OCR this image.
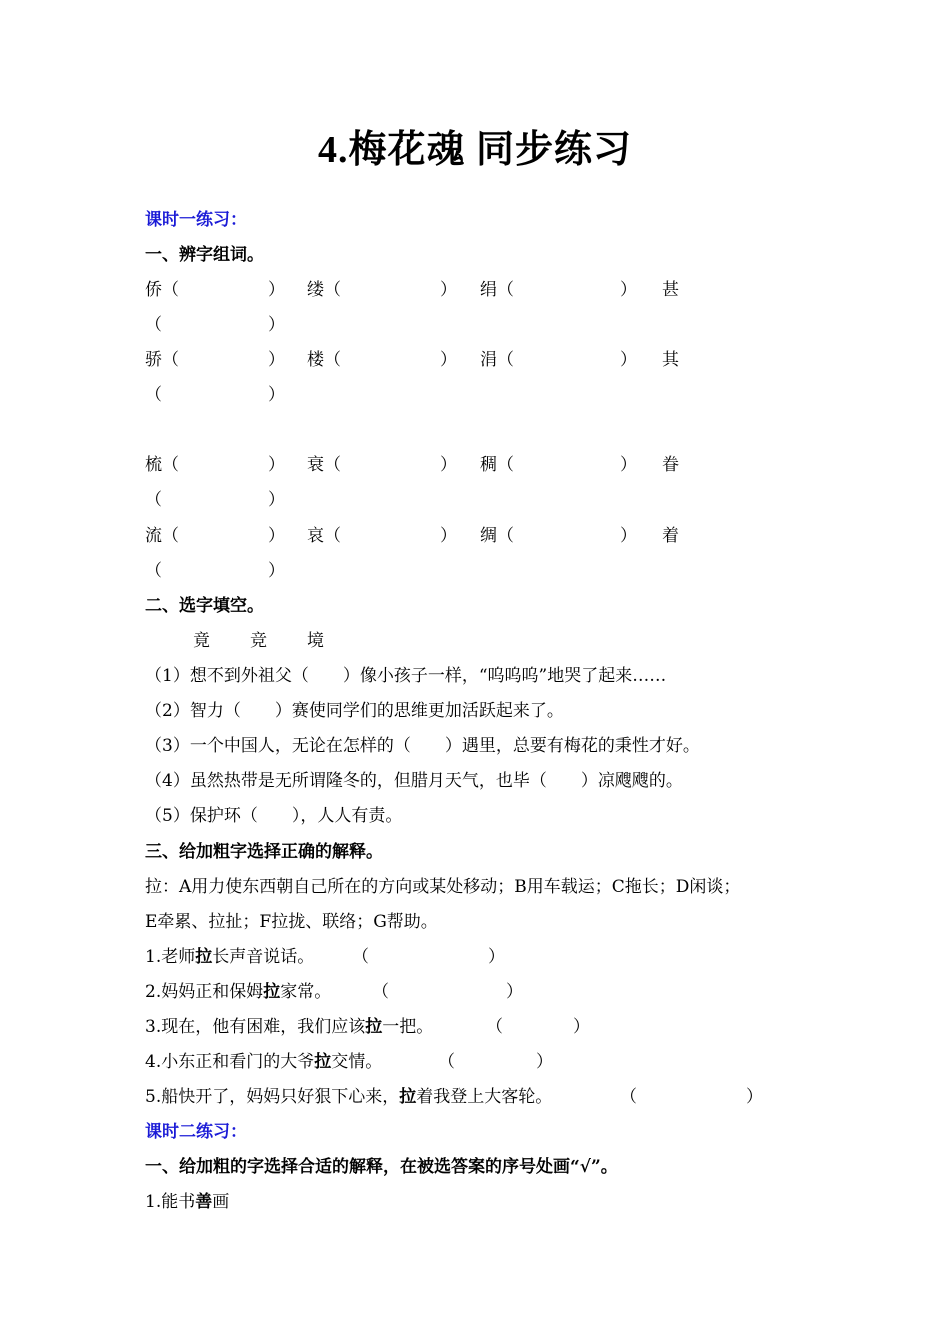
4.梅花魂 同步练习
课时一练习：
一、辨字组词。
侨（	） 缕（	） 绢（	） 甚
（	）
骄（	） 楼（	） 涓（	） 其
（	）
梳（	） 衰（	） 稠（	） 眷
（	）
流（	） 哀（	） 绸（	） 着
（	）
二、选字填空。
竟 竞 境
（1）想不到外祖父（　　）像小孩子一样，“呜呜呜”地哭了起来……
（2）智力（　　）赛使同学们的思维更加活跃起来了。
（3）一个中国人，无论在怎样的（　　）遇里，总要有梅花的秉性才好。
（4）虽然热带是无所谓隆冬的，但腊月天气，也毕（　　）凉飕飕的。
（5）保护环（　　），人人有责。
三、给加粗字选择正确的解释。
拉：A用力使东西朝自己所在的方向或某处移动；B用车载运；C拖长；D闲谈；
E牵累、拉扯；F拉拢、联络；G帮助。
1.老师拉长声音说话。 （	）
2.妈妈正和保姆拉家常。 （	）
3.现在，他有困难，我们应该拉一把。	（	）
4.小东正和看门的大爷拉交情。	（	）
5.船快开了，妈妈只好狠下心来，拉着我登上大客轮。	（	）
课时二练习：
一、给加粗的字选择合适的解释，在被选答案的序号处画“√”。
1.能书善画
